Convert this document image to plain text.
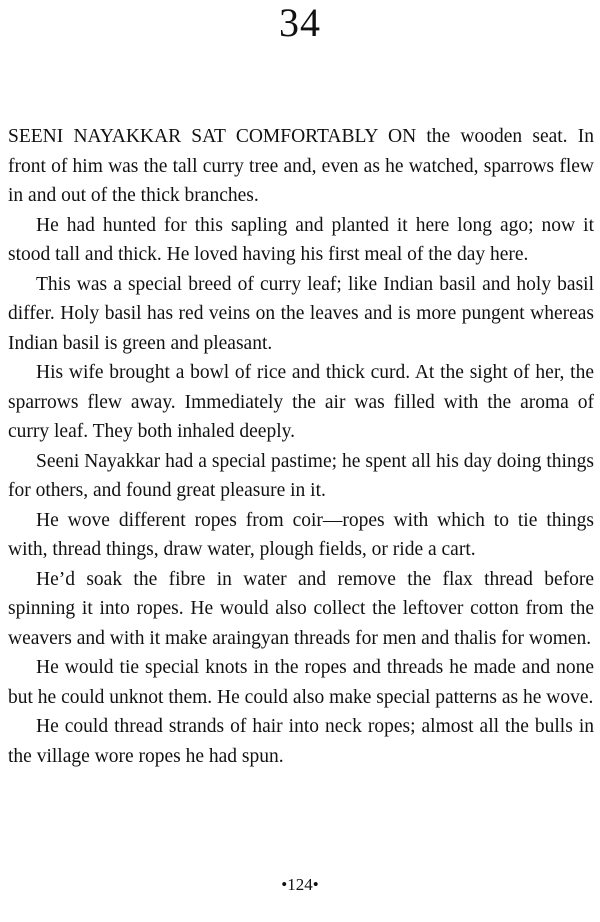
34

SEENI NAYAKKAR SAT COMFORTABLY ON the wooden seat. In front of him was the tall curry tree and, even as he watched, sparrows flew in and out of the thick branches.

He had hunted for this sapling and planted it here long ago; now it stood tall and thick. He loved having his first meal of the day here.

This was a special breed of curry leaf; like Indian basil and holy basil differ. Holy basil has red veins on the leaves and is more pungent whereas Indian basil is green and pleasant.

His wife brought a bowl of rice and thick curd. At the sight of her, the sparrows flew away. Immediately the air was filled with the aroma of curry leaf. They both inhaled deeply.

Seeni Nayakkar had a special pastime; he spent all his day doing things for others, and found great pleasure in it.

He wove different ropes from coir—ropes with which to tie things with, thread things, draw water, plough fields, or ride a cart.

He’d soak the fibre in water and remove the flax thread before spinning it into ropes. He would also collect the leftover cotton from the weavers and with it make araingyan threads for men and thalis for women.

He would tie special knots in the ropes and threads he made and none but he could unknot them. He could also make special patterns as he wove.

He could thread strands of hair into neck ropes; almost all the bulls in the village wore ropes he had spun.

•124•
